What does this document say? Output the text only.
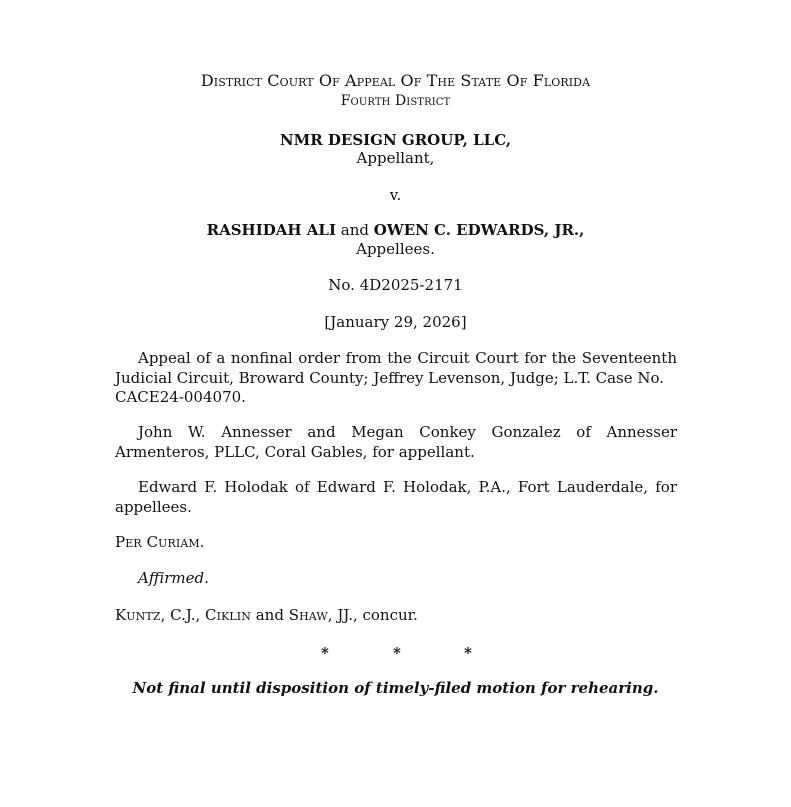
District Court Of Appeal Of The State Of Florida
Fourth District
NMR DESIGN GROUP, LLC,
Appellant,
v.
RASHIDAH ALI and OWEN C. EDWARDS, JR.,
Appellees.
No. 4D2025-2171
[January 29, 2026]
Appeal of a nonfinal order from the Circuit Court for the Seventeenth
Judicial Circuit, Broward County; Jeffrey Levenson, Judge; L.T. Case No.
CACE24-004070.
John W. Annesser and Megan Conkey Gonzalez of Annesser
Armenteros, PLLC, Coral Gables, for appellant.
Edward F. Holodak of Edward F. Holodak, P.A., Fort Lauderdale, for
appellees.
Per Curiam.
Affirmed.
Kuntz, C.J., Ciklin and Shaw, JJ., concur.
*	*	*
Not final until disposition of timely-filed motion for rehearing.
